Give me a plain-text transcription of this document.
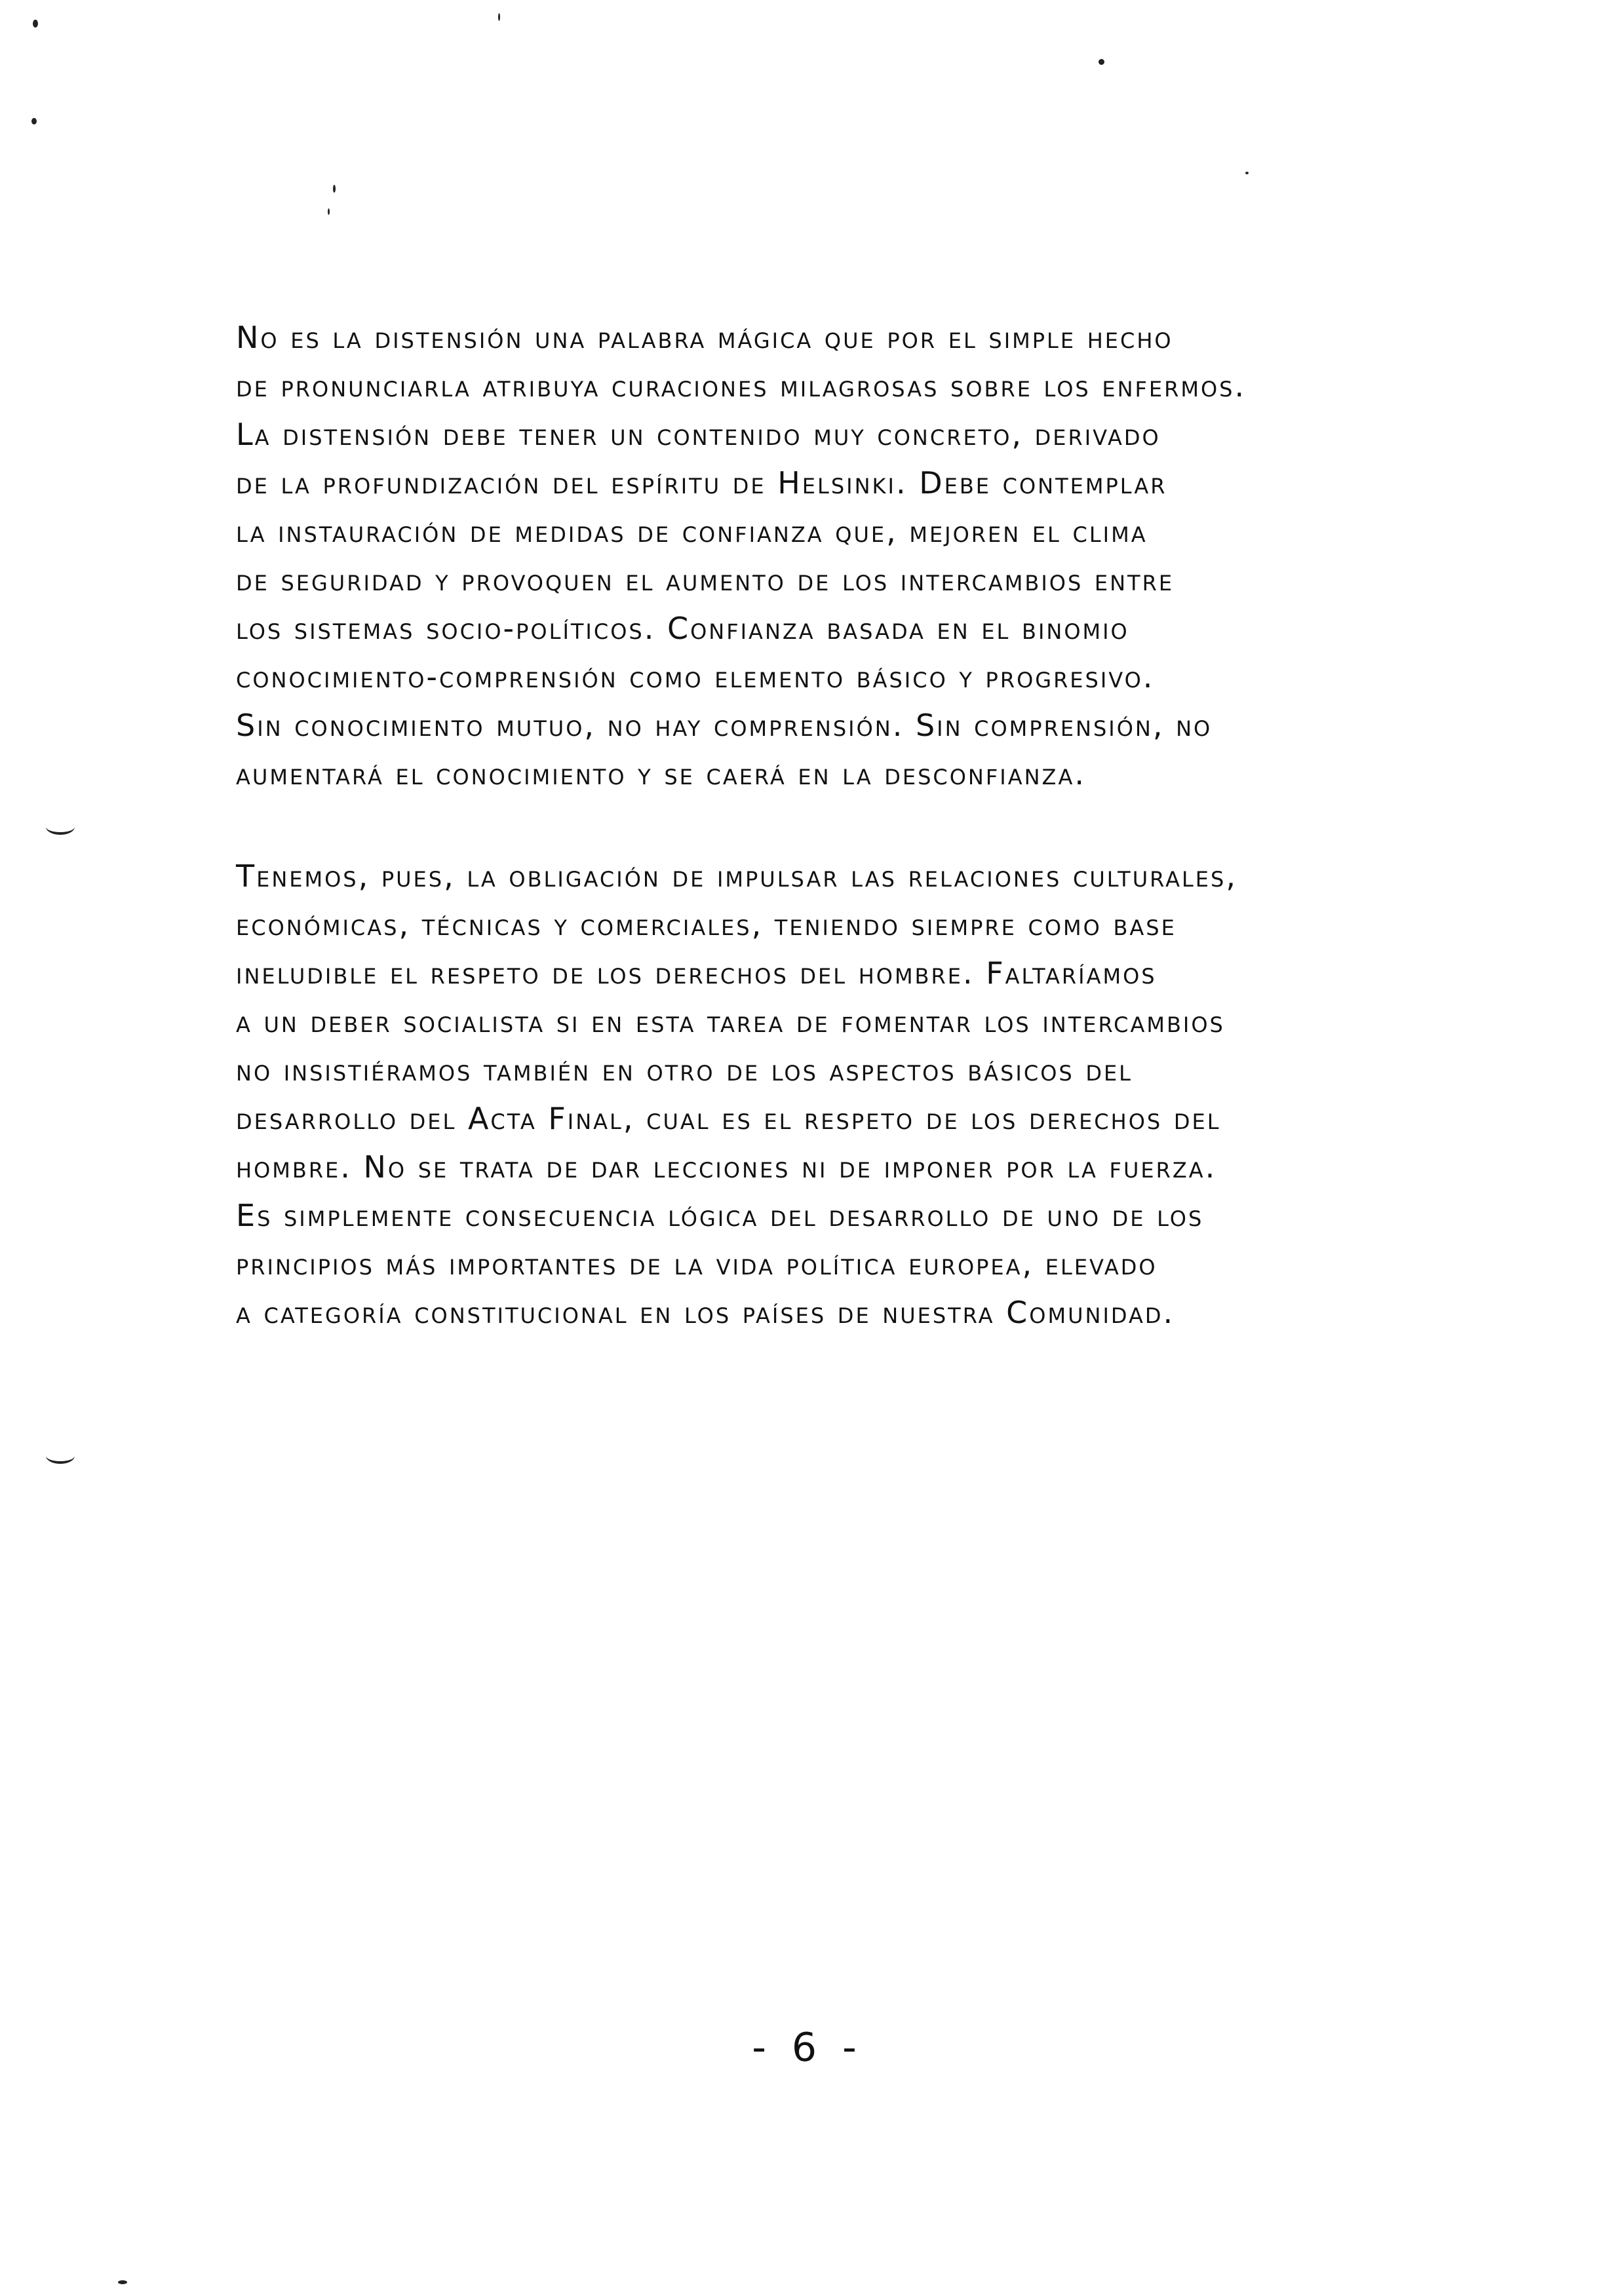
No es la distensión una palabra mágica que por el simple hecho
de pronunciarla atribuya curaciones milagrosas sobre los enfermos.
La distensión debe tener un contenido muy concreto, derivado
de la profundización del espíritu de Helsinki. Debe contemplar
la instauración de medidas de confianza que, mejoren el clima
de seguridad y provoquen el aumento de los intercambios entre
los sistemas socio-políticos. Confianza basada en el binomio
conocimiento-comprensión como elemento básico y progresivo.
Sin conocimiento mutuo, no hay comprensión. Sin comprensión, no
aumentará el conocimiento y se caerá en la desconfianza.
Tenemos, pues, la obligación de impulsar las relaciones culturales,
económicas, técnicas y comerciales, teniendo siempre como base
ineludible el respeto de los derechos del hombre. Faltaríamos
a un deber socialista si en esta tarea de fomentar los intercambios
no insistiéramos también en otro de los aspectos básicos del
desarrollo del Acta Final, cual es el respeto de los derechos del
hombre. No se trata de dar lecciones ni de imponer por la fuerza.
Es simplemente consecuencia lógica del desarrollo de uno de los
principios más importantes de la vida política europea, elevado
a categoría constitucional en los países de nuestra Comunidad.

- 6 -
